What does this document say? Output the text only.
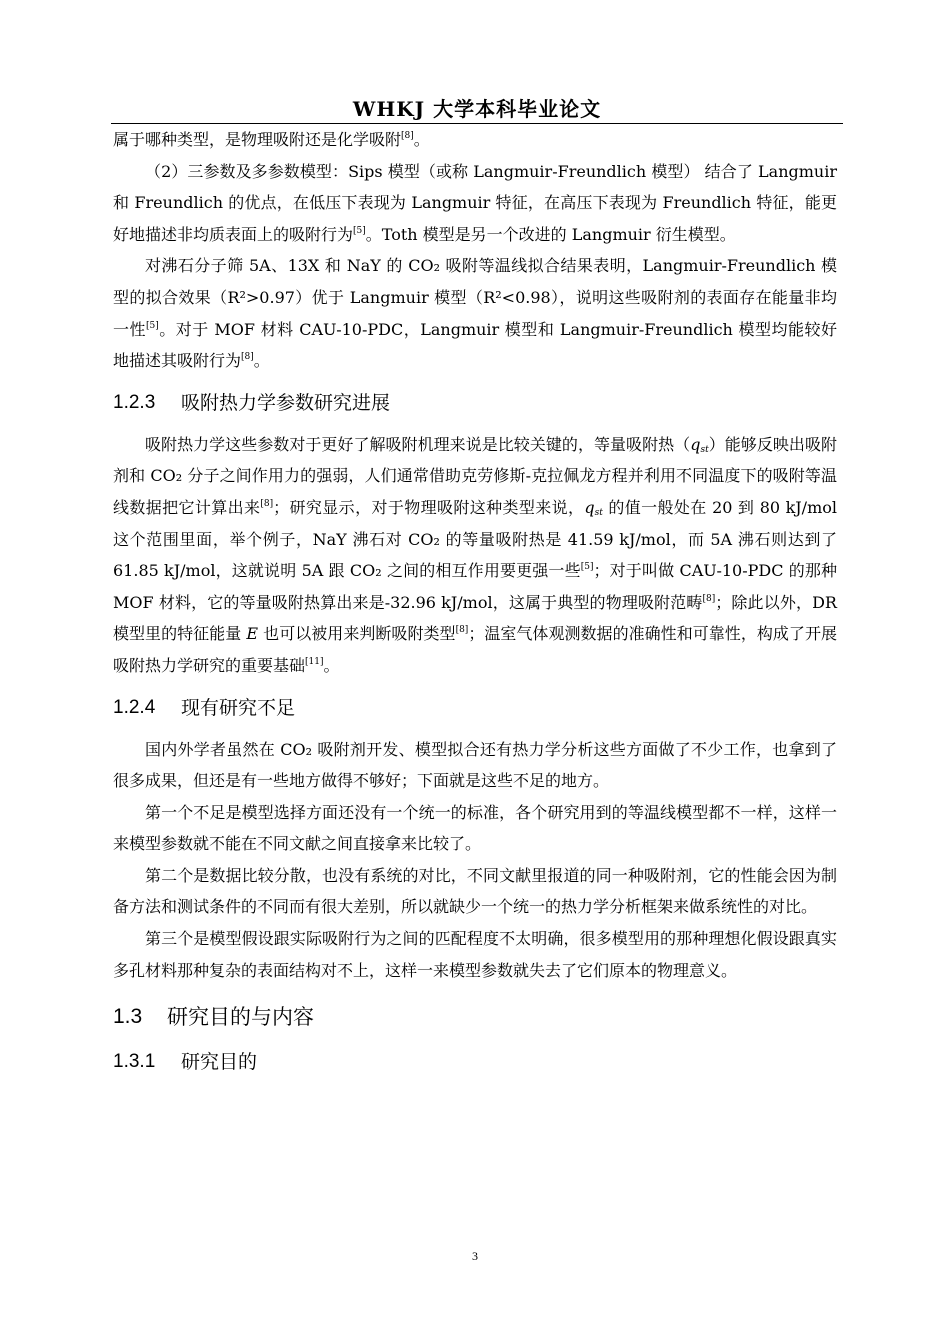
WHKJ 大学本科毕业论文

属于哪种类型，是物理吸附还是化学吸附[8]。

（2）三参数及多参数模型：Sips 模型（或称 Langmuir-Freundlich 模型） 结合了 Langmuir 和 Freundlich 的优点，在低压下表现为 Langmuir 特征，在高压下表现为 Freundlich 特征，能更好地描述非均质表面上的吸附行为[5]。Toth 模型是另一个改进的 Langmuir 衍生模型。

对沸石分子筛 5A、13X 和 NaY 的 CO₂ 吸附等温线拟合结果表明，Langmuir-Freundlich 模型的拟合效果（R²>0.97）优于 Langmuir 模型（R²<0.98），说明这些吸附剂的表面存在能量非均一性[5]。对于 MOF 材料 CAU-10-PDC，Langmuir 模型和 Langmuir-Freundlich 模型均能较好地描述其吸附行为[8]。

1.2.3	吸附热力学参数研究进展

吸附热力学这些参数对于更好了解吸附机理来说是比较关键的，等量吸附热$(q_{st})$能够反映出吸附剂和 CO₂ 分子之间作用力的强弱，人们通常借助克劳修斯-克拉佩龙方程并利用不同温度下的吸附等温线数据把它计算出来[8]；研究显示，对于物理吸附这种类型来说，$q_{st}$ 的值一般处在 20 到 80 kJ/mol 这个范围里面，举个例子，NaY 沸石对 CO₂ 的等量吸附热是 41.59 kJ/mol，而 5A 沸石则达到了 61.85 kJ/mol，这就说明 5A 跟 CO₂ 之间的相互作用要更强一些[5]；对于叫做 CAU-10-PDC 的那种 MOF 材料，它的等量吸附热算出来是-32.96 kJ/mol，这属于典型的物理吸附范畴[8]；除此以外，DR 模型里的特征能量 E 也可以被用来判断吸附类型[8]；温室气体观测数据的准确性和可靠性，构成了开展吸附热力学研究的重要基础[11]。

1.2.4	现有研究不足

国内外学者虽然在 CO₂ 吸附剂开发、模型拟合还有热力学分析这些方面做了不少工作，也拿到了很多成果，但还是有一些地方做得不够好；下面就是这些不足的地方。

第一个不足是模型选择方面还没有一个统一的标准，各个研究用到的等温线模型都不一样，这样一来模型参数就不能在不同文献之间直接拿来比较了。

第二个是数据比较分散，也没有系统的对比，不同文献里报道的同一种吸附剂，它的性能会因为制备方法和测试条件的不同而有很大差别，所以就缺少一个统一的热力学分析框架来做系统性的对比。

第三个是模型假设跟实际吸附行为之间的匹配程度不太明确，很多模型用的那种理想化假设跟真实多孔材料那种复杂的表面结构对不上，这样一来模型参数就失去了它们原本的物理意义。

1.3	研究目的与内容
1.3.1	研究目的
3
